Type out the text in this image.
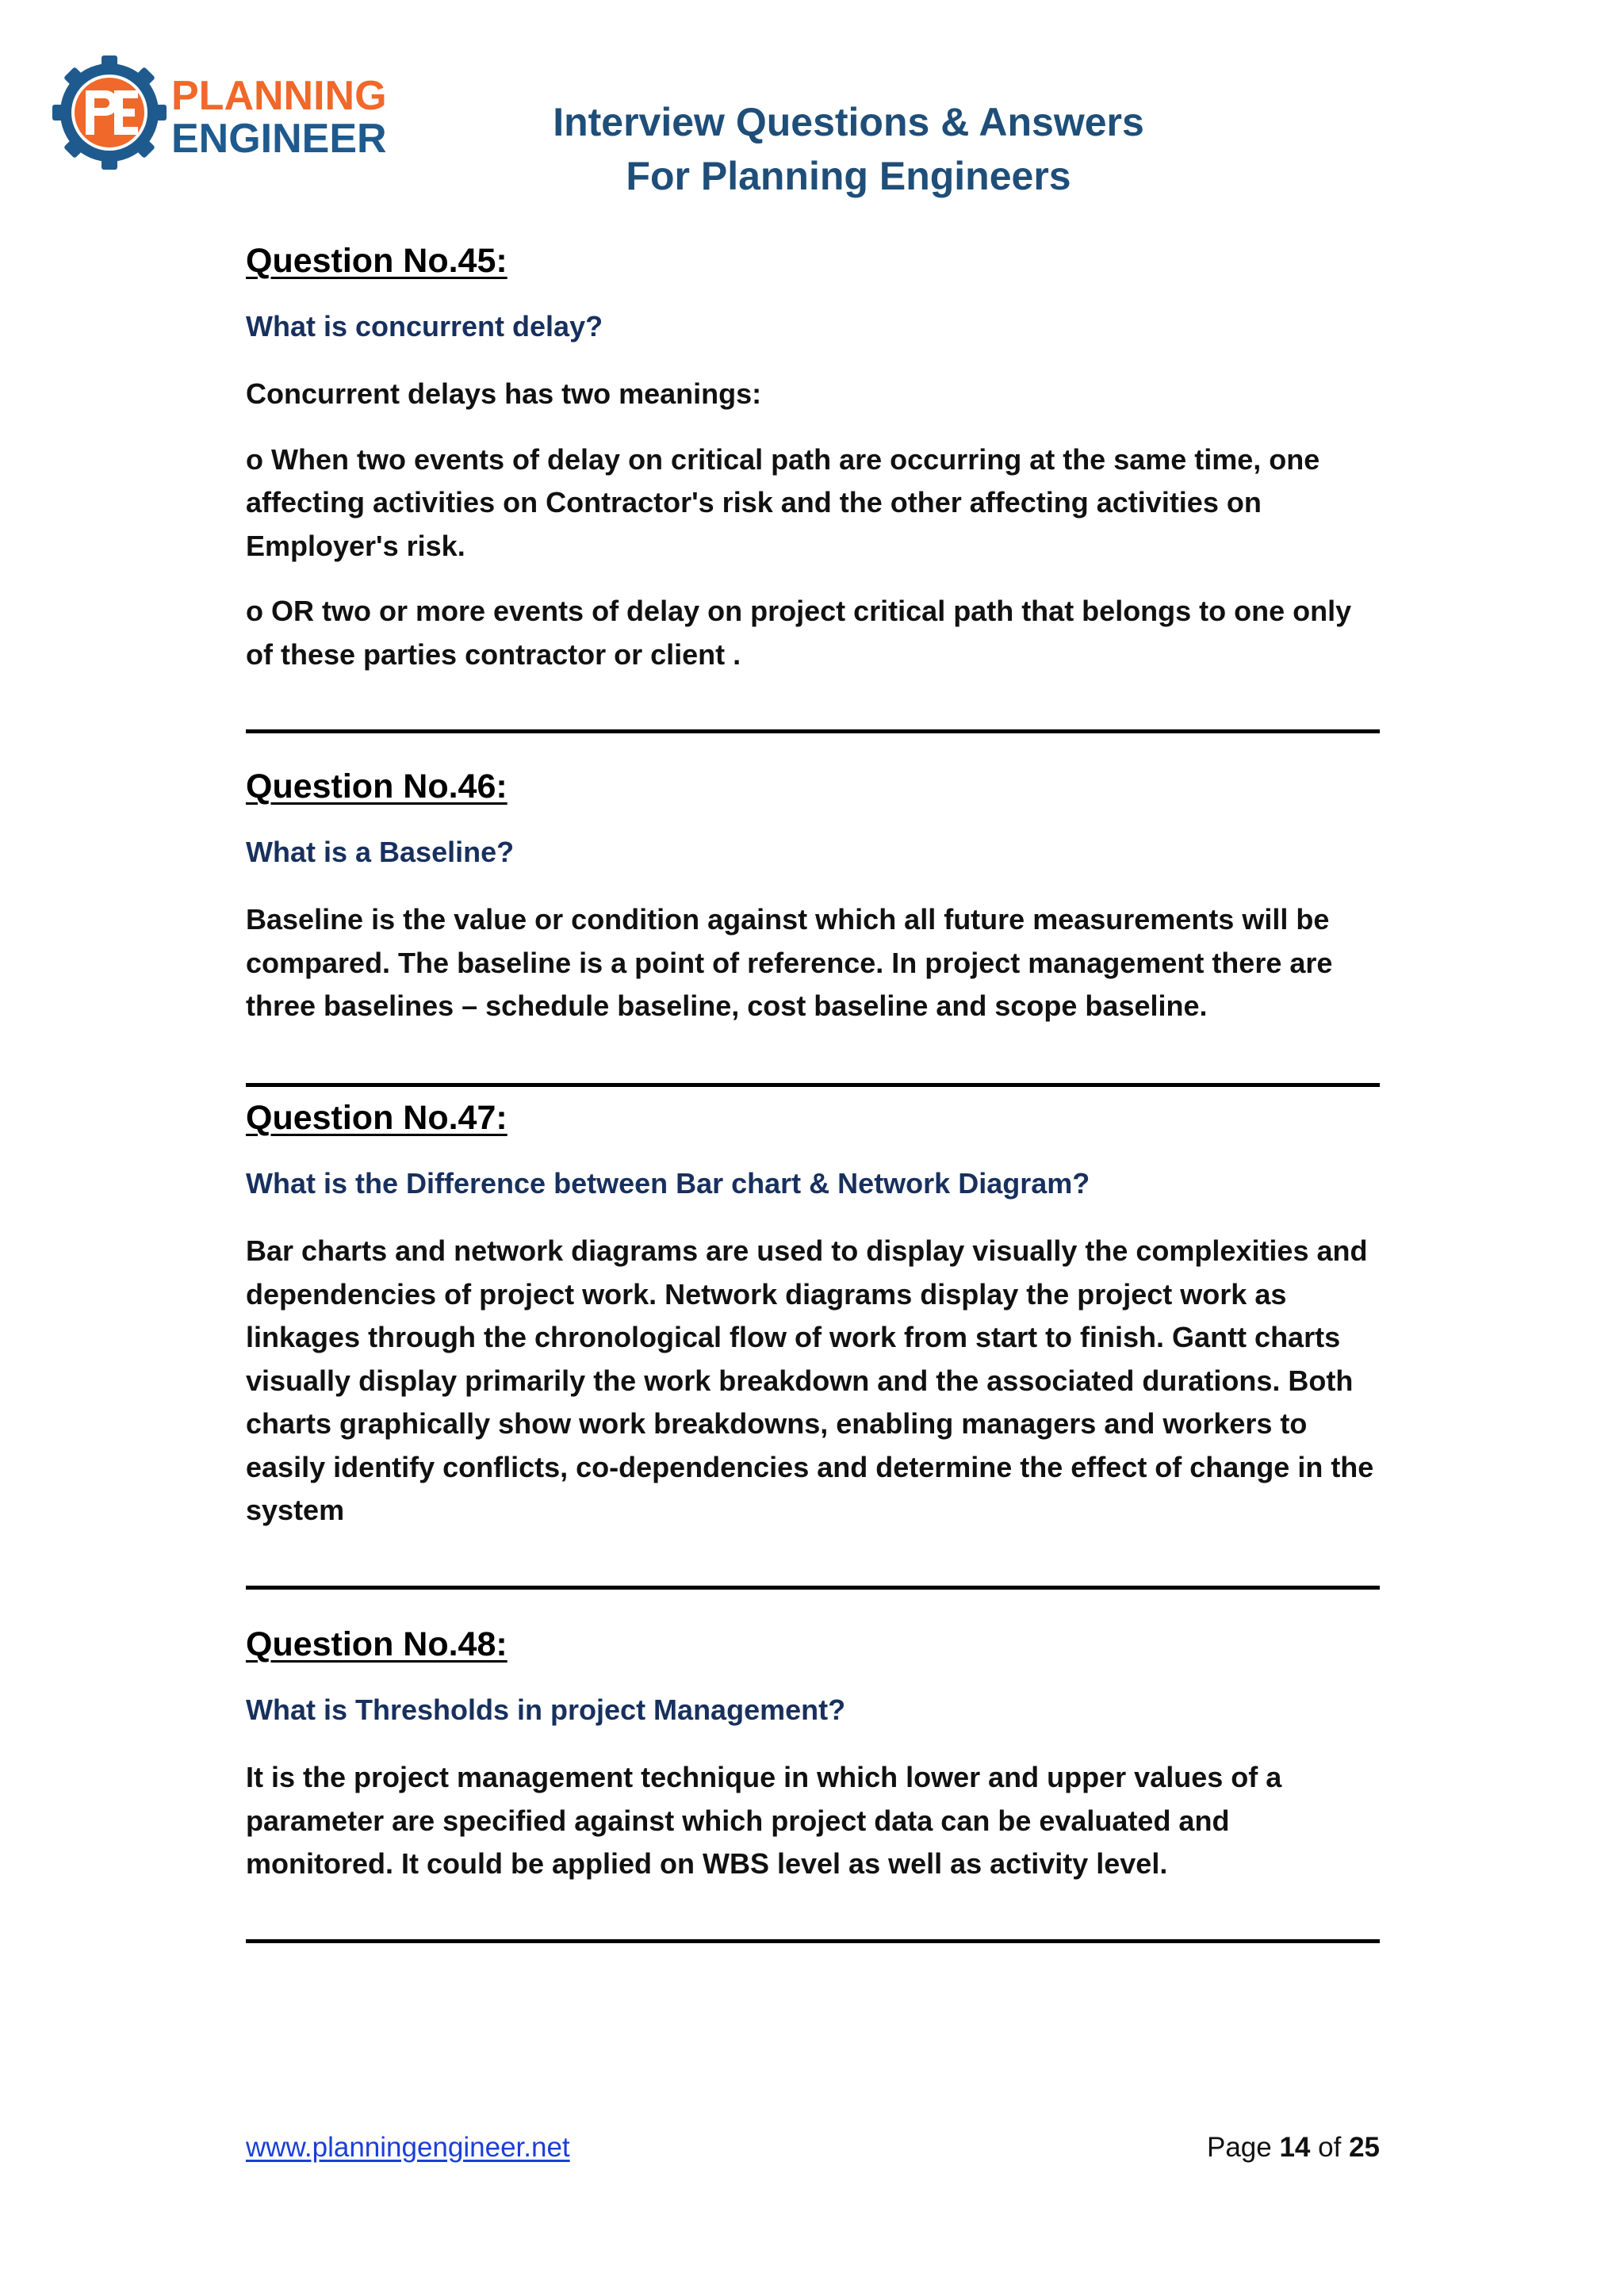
PLANNING
ENGINEER	Interview Questions & Answers
For Planning Engineers
Question No.45:
What is concurrent delay?

Concurrent delays has two meanings:

o When two events of delay on critical path are occurring at the same time, one affecting activities on Contractor's risk and the other affecting activities on Employer's risk.

o OR two or more events of delay on project critical path that belongs to one only of these parties contractor or client .

Question No.46:
What is a Baseline?

Baseline is the value or condition against which all future measurements will be compared. The baseline is a point of reference. In project management there are three baselines – schedule baseline, cost baseline and scope baseline.

Question No.47:
What is the Difference between Bar chart & Network Diagram?

Bar charts and network diagrams are used to display visually the complexities and dependencies of project work. Network diagrams display the project work as linkages through the chronological flow of work from start to finish. Gantt charts visually display primarily the work breakdown and the associated durations. Both charts graphically show work breakdowns, enabling managers and workers to easily identify conflicts, co-dependencies and determine the effect of change in the system

Question No.48:
What is Thresholds in project Management?

It is the project management technique in which lower and upper values of a parameter are specified against which project data can be evaluated and monitored. It could be applied on WBS level as well as activity level.

www.planningengineer.net	Page 14 of 25
